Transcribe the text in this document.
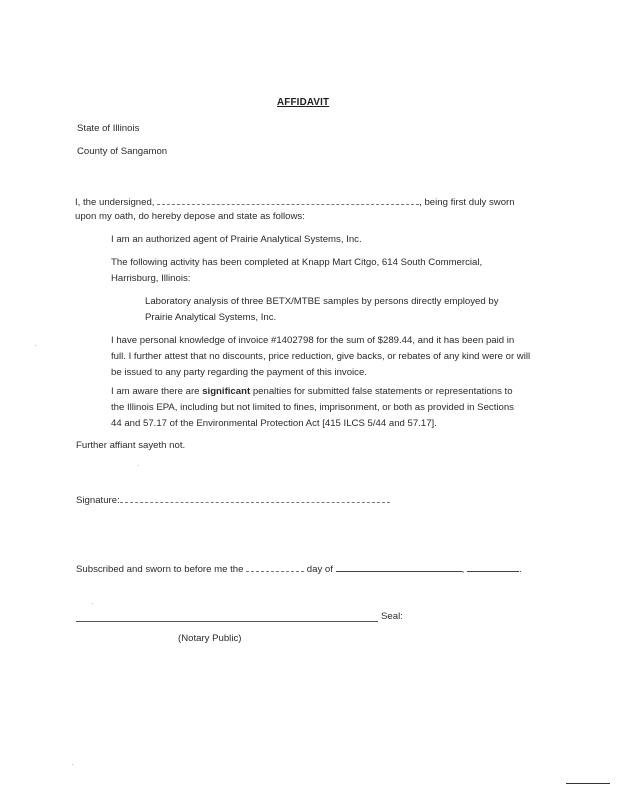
AFFIDAVIT

State of Illinois

County of Sangamon

I, the undersigned,	, being first duly sworn

upon my oath, do hereby depose and state as follows:

I am an authorized agent of Prairie Analytical Systems, Inc.

The following activity has been completed at Knapp Mart Citgo, 614 South Commercial, Harrisburg, Illinois:

Laboratory analysis of three BETX/MTBE samples by persons directly employed by Prairie Analytical Systems, Inc.

I have personal knowledge of invoice #1402798 for the sum of $289.44, and it has been paid in full. I further attest that no discounts, price reduction, give backs, or rebates of any kind were or will be issued to any party regarding the payment of this invoice.

I am aware there are significant penalties for submitted false statements or representations to the Illinois EPA, including but not limited to fines, imprisonment, or both as provided in Sections 44 and 57.17 of the Environmental Protection Act [415 ILCS 5/44 and 57.17].

Further affiant sayeth not.

Signature:

Subscribed and sworn to before me the	day of	,	.

Seal:

(Notary Public)
